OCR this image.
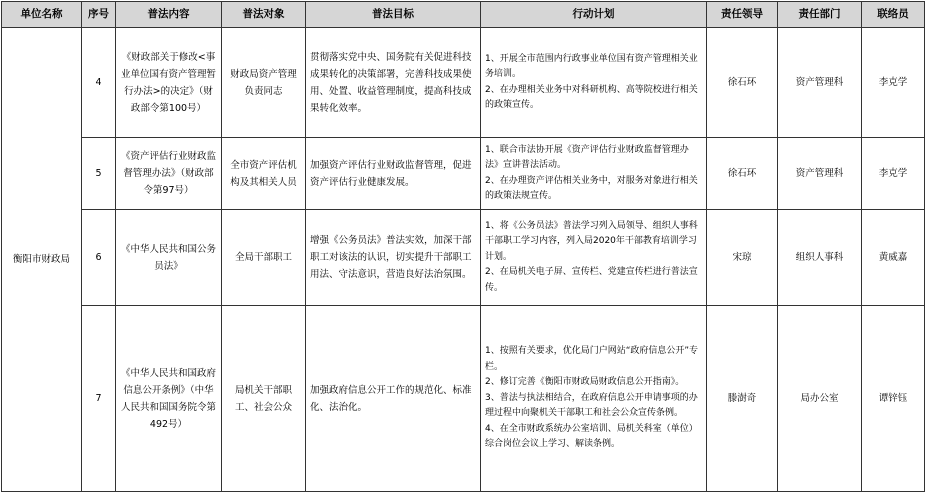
单位名称	序号	普法内容	普法对象	普法目标	行动计划	责任领导	责任部门	联络员
衡阳市财政局	4	《财政部关于修改<事业单位国有资产管理暂行办法>的决定》（财政部令第100号）	财政局资产管理负责同志	贯彻落实党中央、国务院有关促进科技成果转化的决策部署，完善科技成果使用、处置、收益管理制度，提高科技成果转化效率。	1、开展全市范围内行政事业单位国有资产管理相关业务培训。
2、在办理相关业务中对科研机构、高等院校进行相关的政策宣传。	徐石环	资产管理科	李克学
	5	《资产评估行业财政监督管理办法》（财政部令第97号）	全市资产评估机构及其相关人员	加强资产评估行业财政监督管理，促进资产评估行业健康发展。	1、联合市法协开展《资产评估行业财政监督管理办法》宣讲普法活动。
2、在办理资产评估相关业务中，对服务对象进行相关的政策法规宣传。	徐石环	资产管理科	李克学
	6	《中华人民共和国公务员法》	全局干部职工	增强《公务员法》普法实效，加深干部职工对该法的认识，切实提升干部职工用法、守法意识，营造良好法治氛围。	1、将《公务员法》普法学习列入局领导、组织人事科干部职工学习内容，列入局2020年干部教育培训学习计划。
2、在局机关电子屏、宣传栏、党建宣传栏进行普法宣传。	宋琼	组织人事科	黄威嘉
	7	《中华人民共和国政府信息公开条例》（中华人民共和国国务院令第492号）	局机关干部职工、社会公众	加强政府信息公开工作的规范化、标准化、法治化。	1、按照有关要求，优化局门户网站“政府信息公开”专栏。
2、修订完善《衡阳市财政局财政信息公开指南》。
3、普法与执法相结合，在政府信息公开申请事项的办理过程中向聚机关干部职工和社会公众宣传条例。
4、在全市财政系统办公室培训、局机关科室（单位）综合岗位会议上学习、解读条例。	滕澍奇	局办公室	谭锌钰
